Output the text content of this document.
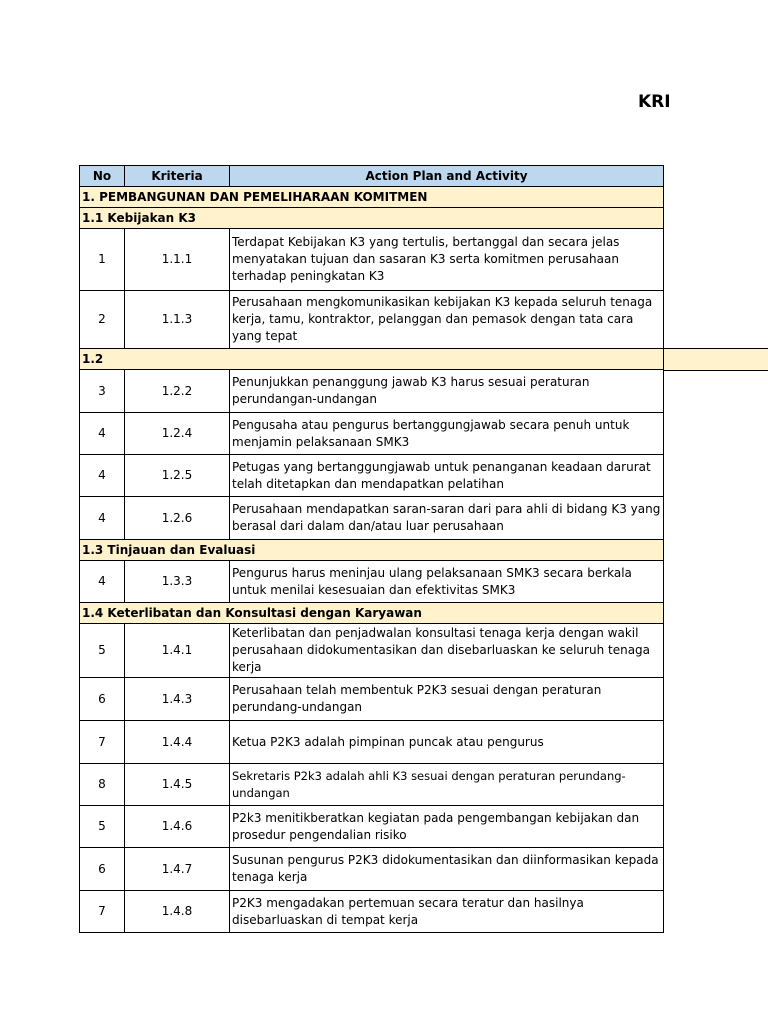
KRI
No	Kriteria	Action Plan and Activity
1. PEMBANGUNAN DAN PEMELIHARAAN KOMITMEN		
1.1 Kebijakan K3		
1	1.1.1	Terdapat Kebijakan K3 yang tertulis, bertanggal dan secara jelas menyatakan tujuan dan sasaran K3 serta komitmen perusahaan terhadap peningkatan K3
2	1.1.3	Perusahaan mengkomunikasikan kebijakan K3 kepada seluruh tenaga kerja, tamu, kontraktor, pelanggan dan pemasok dengan tata cara yang tepat
1.2		
3	1.2.2	Penunjukkan penanggung jawab K3 harus sesuai peraturan perundangan-undangan
4	1.2.4	Pengusaha atau pengurus bertanggungjawab secara penuh untuk menjamin pelaksanaan SMK3
4	1.2.5	Petugas yang bertanggungjawab untuk penanganan keadaan darurat telah ditetapkan dan mendapatkan pelatihan
4	1.2.6	Perusahaan mendapatkan saran-saran dari para ahli di bidang K3 yang berasal dari dalam dan/atau luar perusahaan
1.3 Tinjauan dan Evaluasi		
4	1.3.3	Pengurus harus meninjau ulang pelaksanaan SMK3 secara berkala untuk menilai kesesuaian dan efektivitas SMK3
1.4 Keterlibatan dan Konsultasi dengan Karyawan		
5	1.4.1	Keterlibatan dan penjadwalan konsultasi tenaga kerja dengan wakil perusahaan didokumentasikan dan disebarluaskan ke seluruh tenaga kerja
6	1.4.3	Perusahaan telah membentuk P2K3 sesuai dengan peraturan perundang-undangan
7	1.4.4	Ketua P2K3 adalah pimpinan puncak atau pengurus
8	1.4.5	Sekretaris P2k3 adalah ahli K3 sesuai dengan peraturan perundang-undangan
5	1.4.6	P2k3 menitikberatkan kegiatan pada pengembangan kebijakan dan prosedur pengendalian risiko
6	1.4.7	Susunan pengurus P2K3 didokumentasikan dan diinformasikan kepada tenaga kerja
7	1.4.8	P2K3 mengadakan pertemuan secara teratur dan hasilnya disebarluaskan di tempat kerja
